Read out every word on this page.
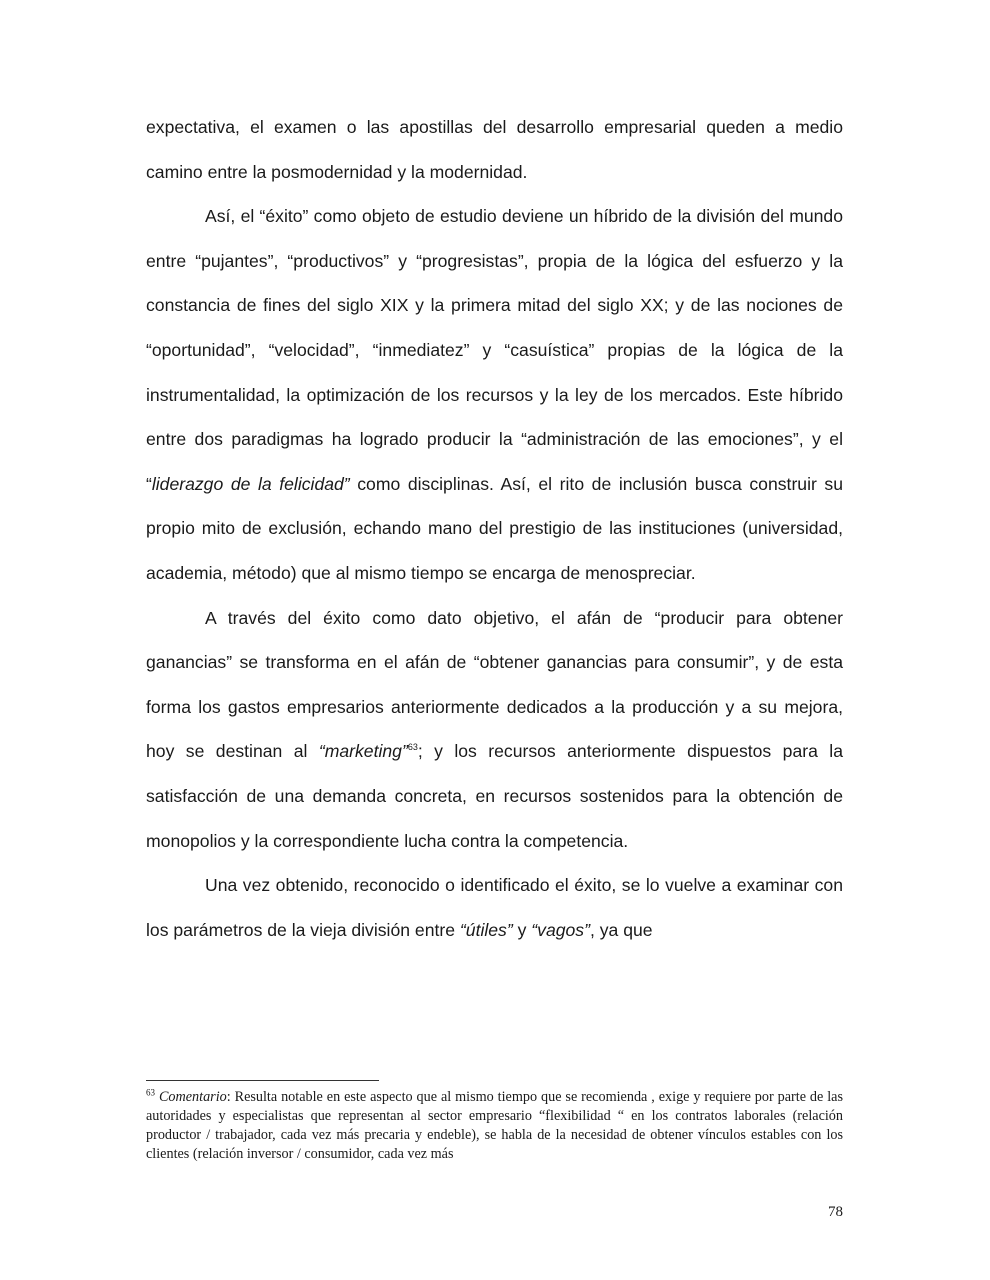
expectativa, el examen o las apostillas del desarrollo empresarial queden a medio camino entre la posmodernidad y la modernidad.

Así, el “éxito” como objeto de estudio deviene un híbrido de la división del mundo entre “pujantes”, “productivos” y “progresistas”, propia de la lógica del esfuerzo y la constancia de fines del siglo XIX y la primera mitad del siglo XX; y de las nociones de “oportunidad”, “velocidad”, “inmediatez” y “casuística” propias de la lógica de la instrumentalidad, la optimización de los recursos y la ley de los mercados. Este híbrido entre dos paradigmas ha logrado producir la “administración de las emociones”, y el “liderazgo de la felicidad” como disciplinas. Así, el rito de inclusión busca construir su propio mito de exclusión, echando mano del prestigio de las instituciones (universidad, academia, método) que al mismo tiempo se encarga de menospreciar.

A través del éxito como dato objetivo, el afán de “producir para obtener ganancias” se transforma en el afán de “obtener ganancias para consumir”, y de esta forma los gastos empresarios anteriormente dedicados a la producción y a su mejora, hoy se destinan al “marketing”$^{63}$; y los recursos anteriormente dispuestos para la satisfacción de una demanda concreta, en recursos sostenidos para la obtención de monopolios y la correspondiente lucha contra la competencia.

Una vez obtenido, reconocido o identificado el éxito, se lo vuelve a examinar con los parámetros de la vieja división entre “útiles” y “vagos”, ya que

$^{63}$ Comentario: Resulta notable en este aspecto que al mismo tiempo que se recomienda , exige y requiere por parte de las autoridades y especialistas que representan al sector empresario “flexibilidad “ en los contratos laborales (relación productor / trabajador, cada vez más precaria y endeble), se habla de la necesidad de obtener vínculos estables con los clientes (relación inversor / consumidor, cada vez más
78
